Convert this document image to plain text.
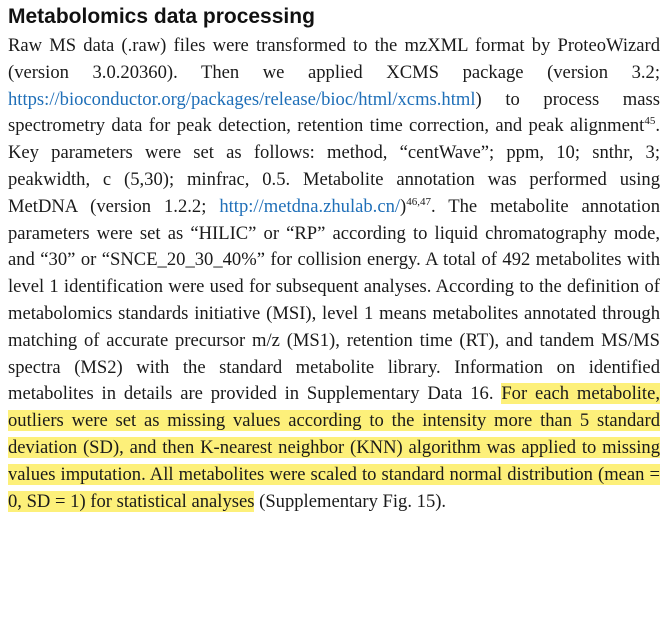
Metabolomics data processing

Raw MS data (.raw) files were transformed to the mzXML format by ProteoWizard (version 3.0.20360). Then we applied XCMS package (version 3.2; https://bioconductor.org/packages/release/bioc/html/xcms.html) to process mass spectrometry data for peak detection, retention time correction, and peak alignment$^{45}$. Key parameters were set as follows: method, “centWave”; ppm, 10; snthr, 3; peakwidth, c (5,30); minfrac, 0.5. Metabolite annotation was performed using MetDNA (version 1.2.2; http://metdna.zhulab.cn/)$^{46,47}$. The metabolite annotation parameters were set as “HILIC” or “RP” according to liquid chromatography mode, and “30” or “SNCE_20_30_40%” for collision energy. A total of 492 metabolites with level 1 identification were used for subsequent analyses. According to the definition of metabolomics standards initiative (MSI), level 1 means metabolites annotated through matching of accurate precursor m/z (MS1), retention time (RT), and tandem MS/MS spectra (MS2) with the standard metabolite library. Information on identified metabolites in details are provided in Supplementary Data 16. For each metabolite, outliers were set as missing values according to the intensity more than 5 standard deviation (SD), and then K-nearest neighbor (KNN) algorithm was applied to missing values imputation. All metabolites were scaled to standard normal distribution (mean = 0, SD = 1) for statistical analyses (Supplementary Fig. 15).
